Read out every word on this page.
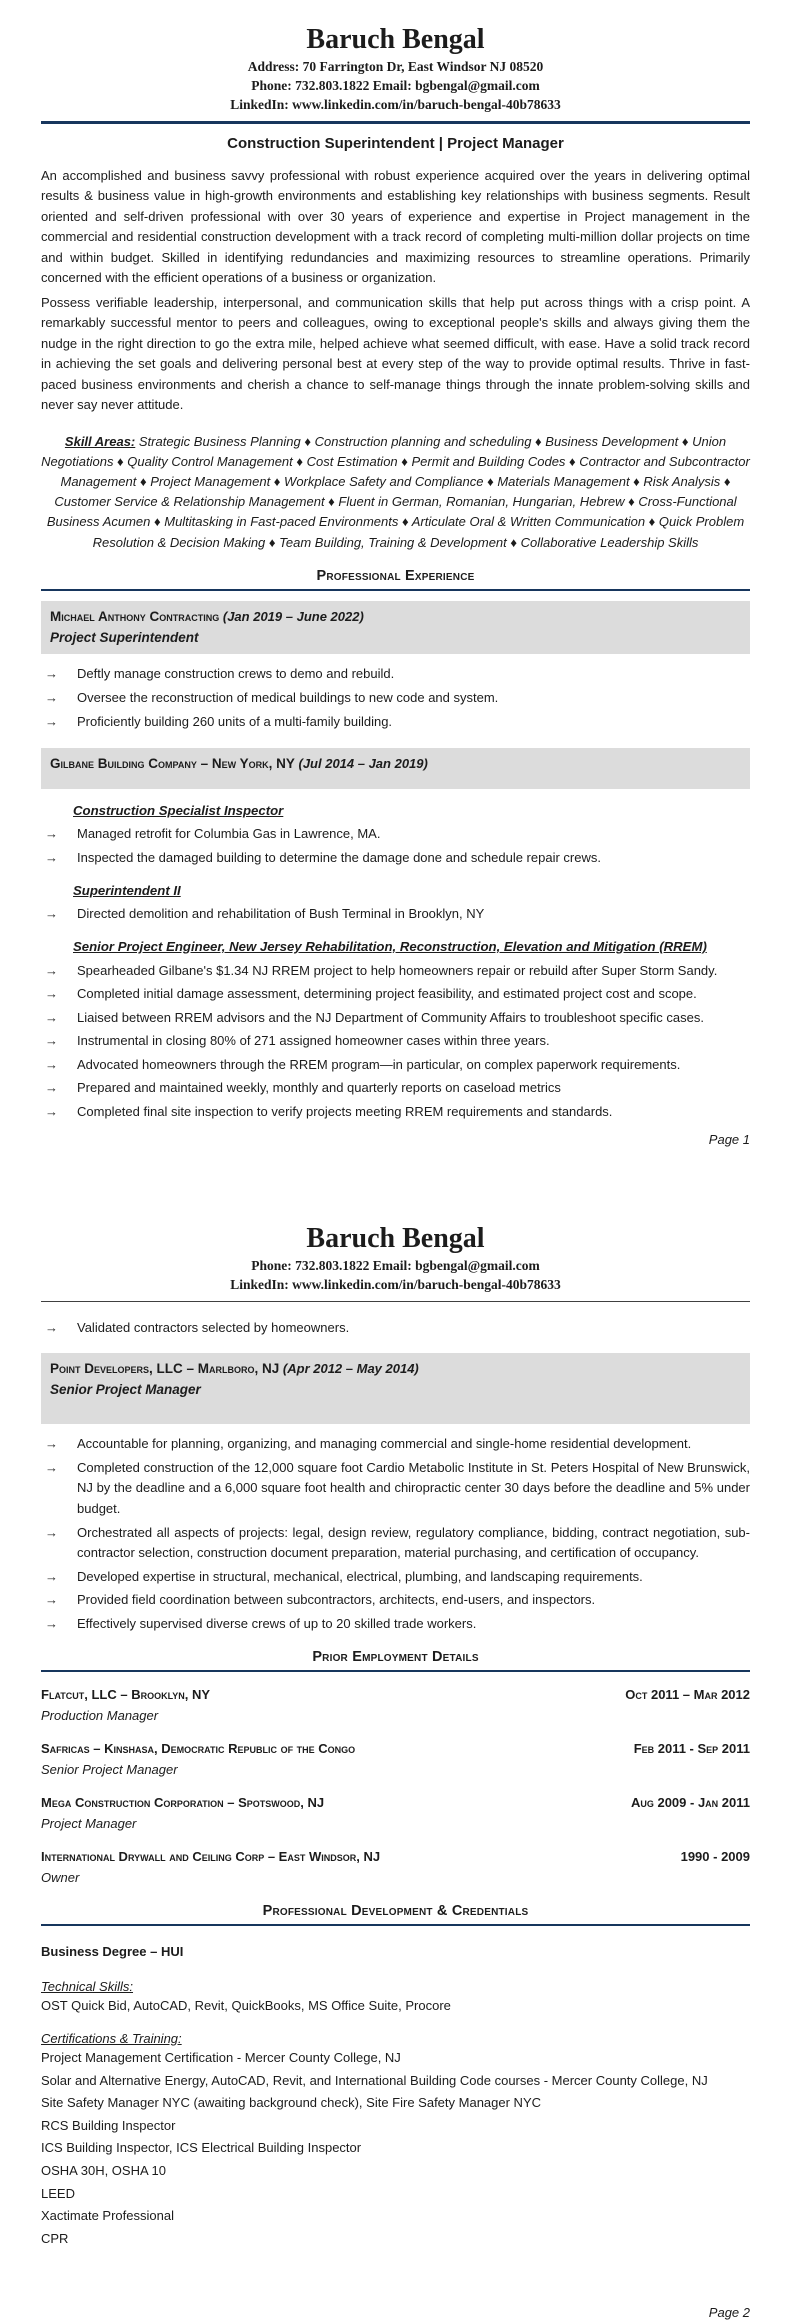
Baruch Bengal
Address: 70 Farrington Dr, East Windsor NJ 08520
Phone: 732.803.1822 Email: bgbengal@gmail.com
LinkedIn: www.linkedin.com/in/baruch-bengal-40b78633
Construction Superintendent | Project Manager

An accomplished and business savvy professional with robust experience acquired over the years in delivering optimal results & business value in high-growth environments and establishing key relationships with business segments. Result oriented and self-driven professional with over 30 years of experience and expertise in Project management in the commercial and residential construction development with a track record of completing multi-million dollar projects on time and within budget. Skilled in identifying redundancies and maximizing resources to streamline operations. Primarily concerned with the efficient operations of a business or organization.

Possess verifiable leadership, interpersonal, and communication skills that help put across things with a crisp point. A remarkably successful mentor to peers and colleagues, owing to exceptional people's skills and always giving them the nudge in the right direction to go the extra mile, helped achieve what seemed difficult, with ease. Have a solid track record in achieving the set goals and delivering personal best at every step of the way to provide optimal results. Thrive in fast-paced business environments and cherish a chance to self-manage things through the innate problem-solving skills and never say never attitude.

Skill Areas: Strategic Business Planning ♦ Construction planning and scheduling ♦ Business Development ♦ Union Negotiations ♦ Quality Control Management ♦ Cost Estimation ♦ Permit and Building Codes ♦ Contractor and Subcontractor Management ♦ Project Management ♦ Workplace Safety and Compliance ♦ Materials Management ♦ Risk Analysis ♦ Customer Service & Relationship Management ♦ Fluent in German, Romanian, Hungarian, Hebrew ♦ Cross-Functional Business Acumen ♦ Multitasking in Fast-paced Environments ♦ Articulate Oral & Written Communication ♦ Quick Problem Resolution & Decision Making ♦ Team Building, Training & Development ♦ Collaborative Leadership Skills
Professional Experience
Michael Anthony Contracting (Jan 2019 – June 2022)
Project Superintendent
→	Deftly manage construction crews to demo and rebuild.
→	Oversee the reconstruction of medical buildings to new code and system.
→	Proficiently building 260 units of a multi-family building.
Gilbane Building Company – New York, NY (Jul 2014 – Jan 2019)
Construction Specialist Inspector
→	Managed retrofit for Columbia Gas in Lawrence, MA.
→	Inspected the damaged building to determine the damage done and schedule repair crews.
Superintendent II
→	Directed demolition and rehabilitation of Bush Terminal in Brooklyn, NY
Senior Project Engineer, New Jersey Rehabilitation, Reconstruction, Elevation and Mitigation (RREM)
→	Spearheaded Gilbane's $1.34 NJ RREM project to help homeowners repair or rebuild after Super Storm Sandy.
→	Completed initial damage assessment, determining project feasibility, and estimated project cost and scope.
→	Liaised between RREM advisors and the NJ Department of Community Affairs to troubleshoot specific cases.
→	Instrumental in closing 80% of 271 assigned homeowner cases within three years.
→	Advocated homeowners through the RREM program—in particular, on complex paperwork requirements.
→	Prepared and maintained weekly, monthly and quarterly reports on caseload metrics
→	Completed final site inspection to verify projects meeting RREM requirements and standards.
Page 1
Baruch Bengal
Phone: 732.803.1822 Email: bgbengal@gmail.com
LinkedIn: www.linkedin.com/in/baruch-bengal-40b78633
→	Validated contractors selected by homeowners.
Point Developers, LLC – Marlboro, NJ (Apr 2012 – May 2014)
Senior Project Manager
→	Accountable for planning, organizing, and managing commercial and single-home residential development.
→	Completed construction of the 12,000 square foot Cardio Metabolic Institute in St. Peters Hospital of New Brunswick, NJ by the deadline and a 6,000 square foot health and chiropractic center 30 days before the deadline and 5% under budget.
→	Orchestrated all aspects of projects: legal, design review, regulatory compliance, bidding, contract negotiation, sub-contractor selection, construction document preparation, material purchasing, and certification of occupancy.
→	Developed expertise in structural, mechanical, electrical, plumbing, and landscaping requirements.
→	Provided field coordination between subcontractors, architects, end-users, and inspectors.
→	Effectively supervised diverse crews of up to 20 skilled trade workers.
Prior Employment Details
Flatcut, LLC – Brooklyn, NY	Oct 2011 – Mar 2012
Production Manager
Safricas – Kinshasa, Democratic Republic of the Congo	Feb 2011 - Sep 2011
Senior Project Manager
Mega Construction Corporation – Spotswood, NJ	Aug 2009 - Jan 2011
Project Manager
International Drywall and Ceiling Corp – East Windsor, NJ	1990 - 2009
Owner
Professional Development & Credentials
Business Degree – HUI
Technical Skills:
OST Quick Bid, AutoCAD, Revit, QuickBooks, MS Office Suite, Procore
Certifications & Training:
Project Management Certification - Mercer County College, NJ
Solar and Alternative Energy, AutoCAD, Revit, and International Building Code courses - Mercer County College, NJ
Site Safety Manager NYC (awaiting background check), Site Fire Safety Manager NYC
RCS Building Inspector
ICS Building Inspector, ICS Electrical Building Inspector
OSHA 30H, OSHA 10
LEED
Xactimate Professional
CPR
Page 2
